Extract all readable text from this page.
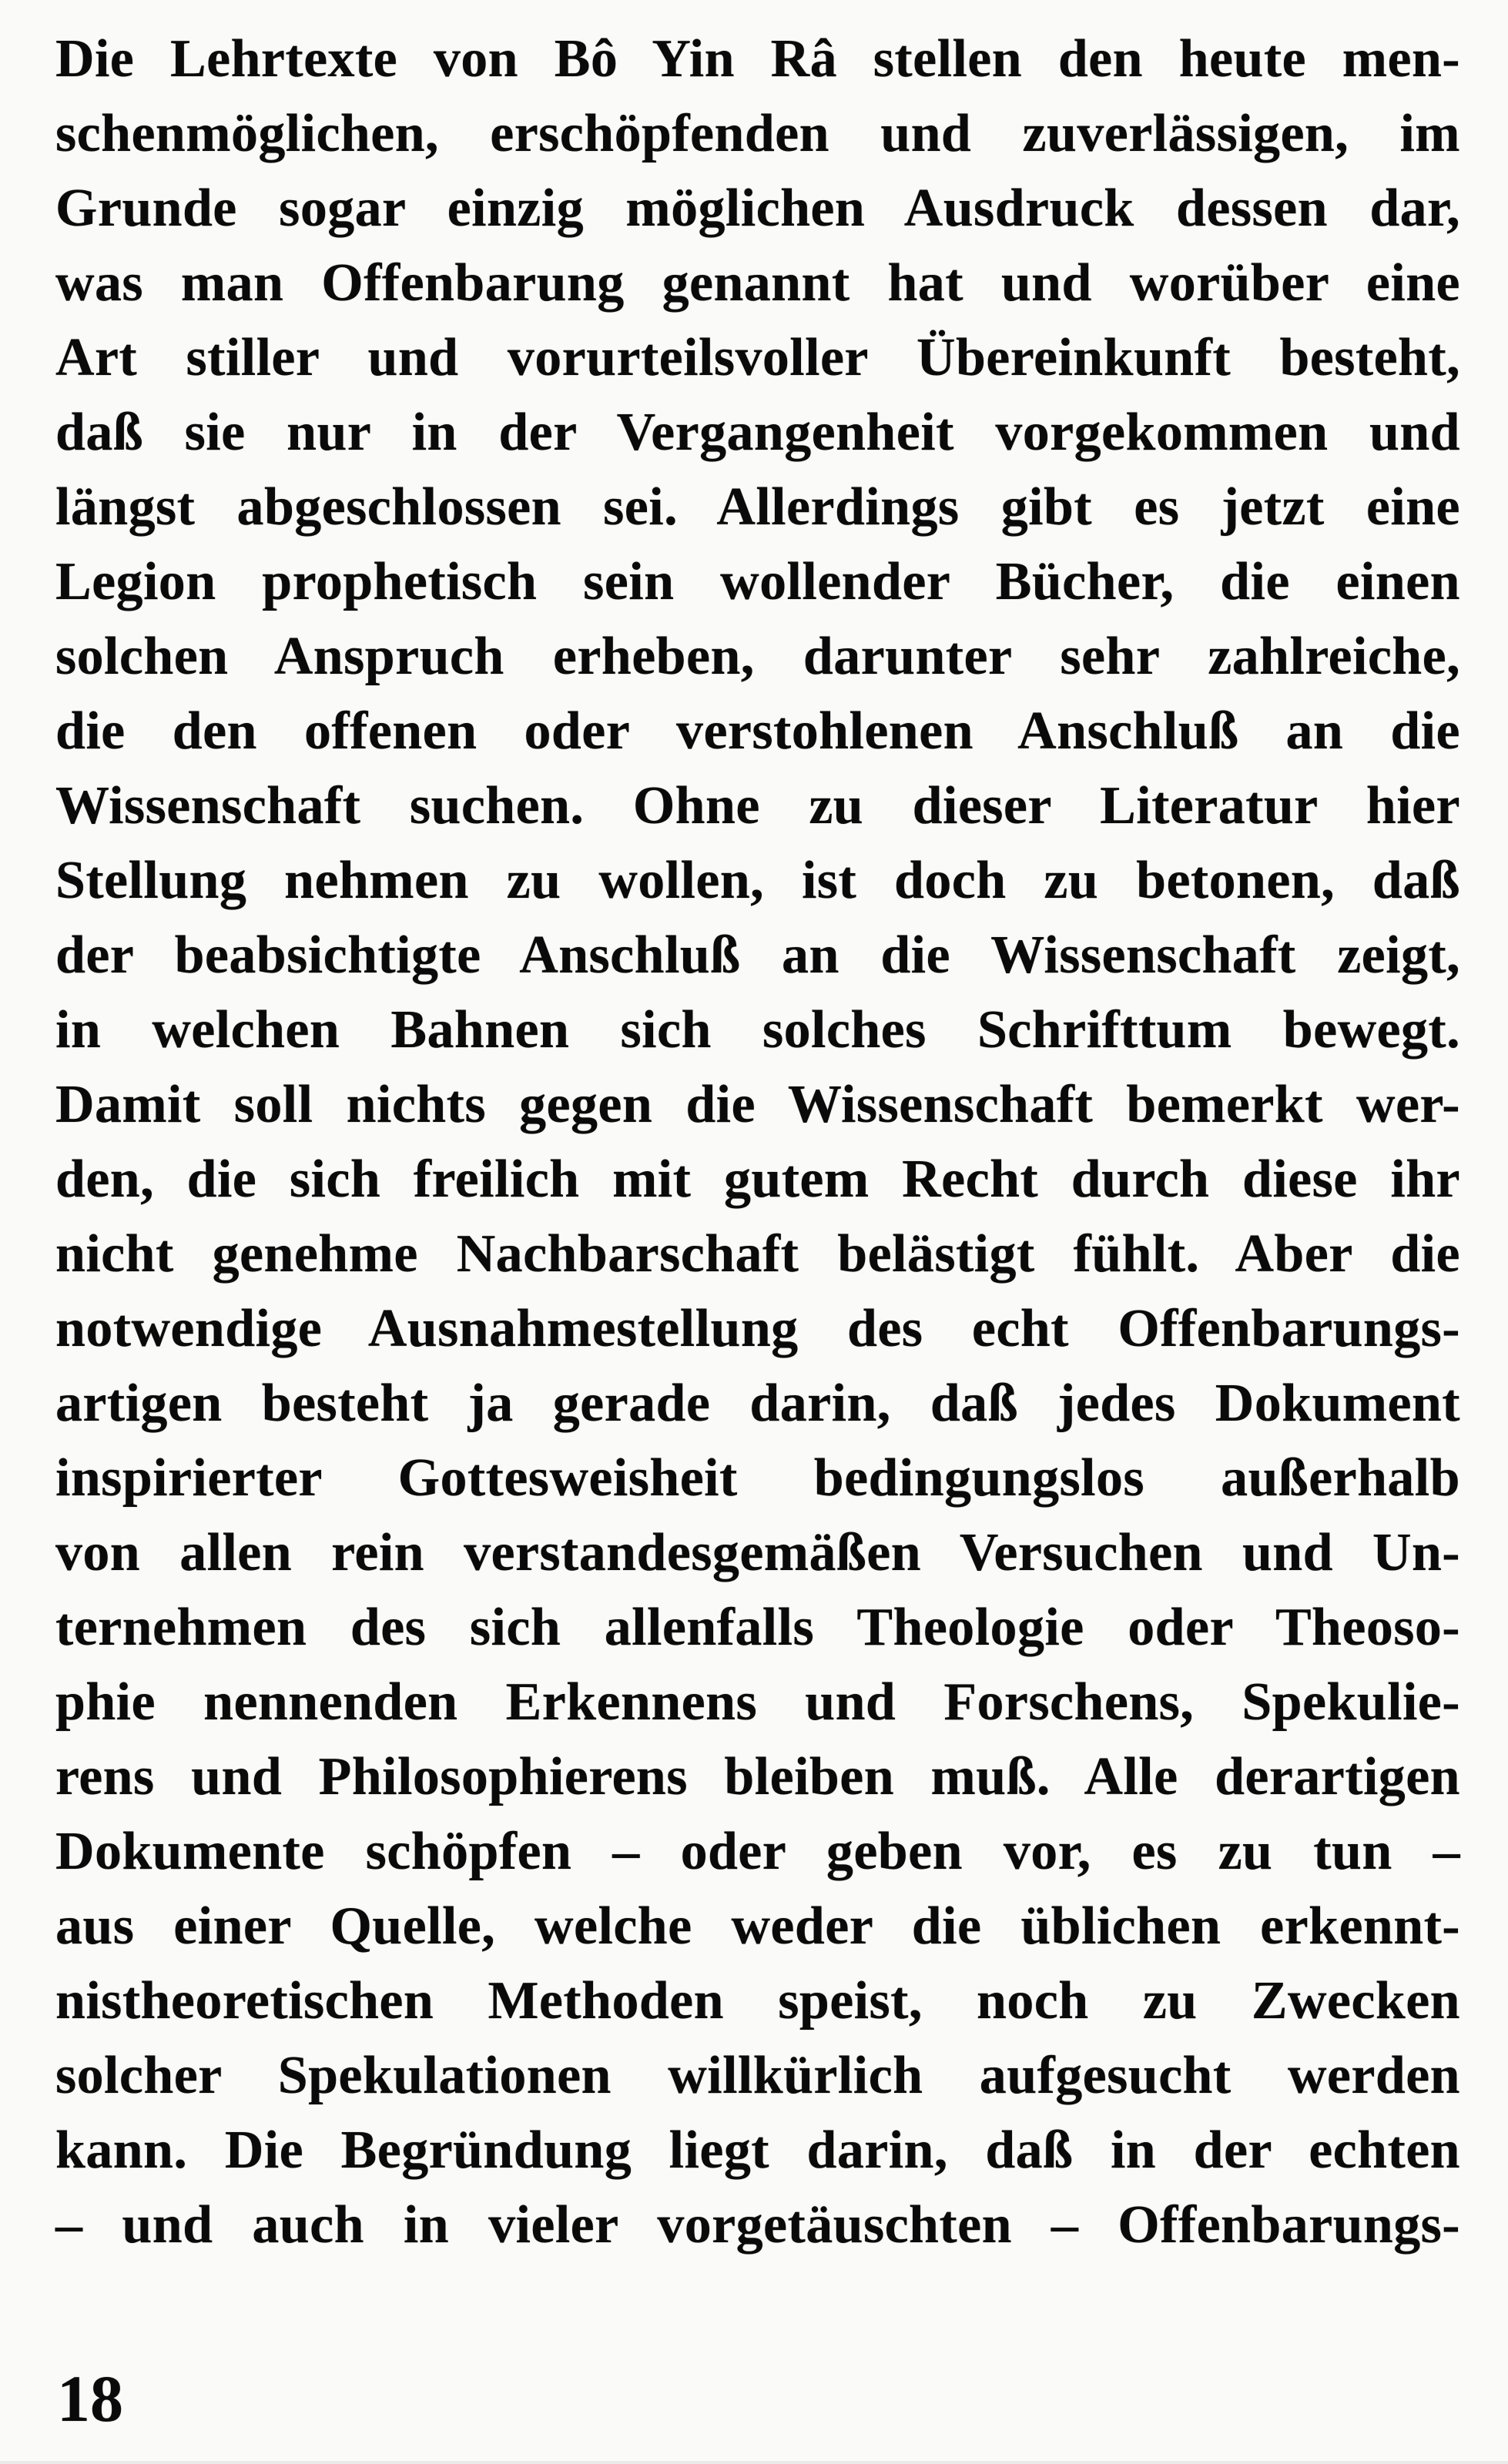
Die Lehrtexte von Bô Yin Râ stellen den heute men-
schenmöglichen, erschöpfenden und zuverlässigen, im
Grunde sogar einzig möglichen Ausdruck dessen dar,
was man Offenbarung genannt hat und worüber eine
Art stiller und vorurteilsvoller Übereinkunft besteht,
daß sie nur in der Vergangenheit vorgekommen und
längst abgeschlossen sei. Allerdings gibt es jetzt eine
Legion prophetisch sein wollender Bücher, die einen
solchen Anspruch erheben, darunter sehr zahlreiche,
die den offenen oder verstohlenen Anschluß an die
Wissenschaft suchen. Ohne zu dieser Literatur hier
Stellung nehmen zu wollen, ist doch zu betonen, daß
der beabsichtigte Anschluß an die Wissenschaft zeigt,
in welchen Bahnen sich solches Schrifttum bewegt.
Damit soll nichts gegen die Wissenschaft bemerkt wer-
den, die sich freilich mit gutem Recht durch diese ihr
nicht genehme Nachbarschaft belästigt fühlt. Aber die
notwendige Ausnahmestellung des echt Offenbarungs-
artigen besteht ja gerade darin, daß jedes Dokument
inspirierter Gottesweisheit bedingungslos außerhalb
von allen rein verstandesgemäßen Versuchen und Un-
ternehmen des sich allenfalls Theologie oder Theoso-
phie nennenden Erkennens und Forschens, Spekulie-
rens und Philosophierens bleiben muß. Alle derartigen
Dokumente schöpfen – oder geben vor, es zu tun –
aus einer Quelle, welche weder die üblichen erkennt-
nistheoretischen Methoden speist, noch zu Zwecken
solcher Spekulationen willkürlich aufgesucht werden
kann. Die Begründung liegt darin, daß in der echten
– und auch in vieler vorgetäuschten – Offenbarungs-
18
